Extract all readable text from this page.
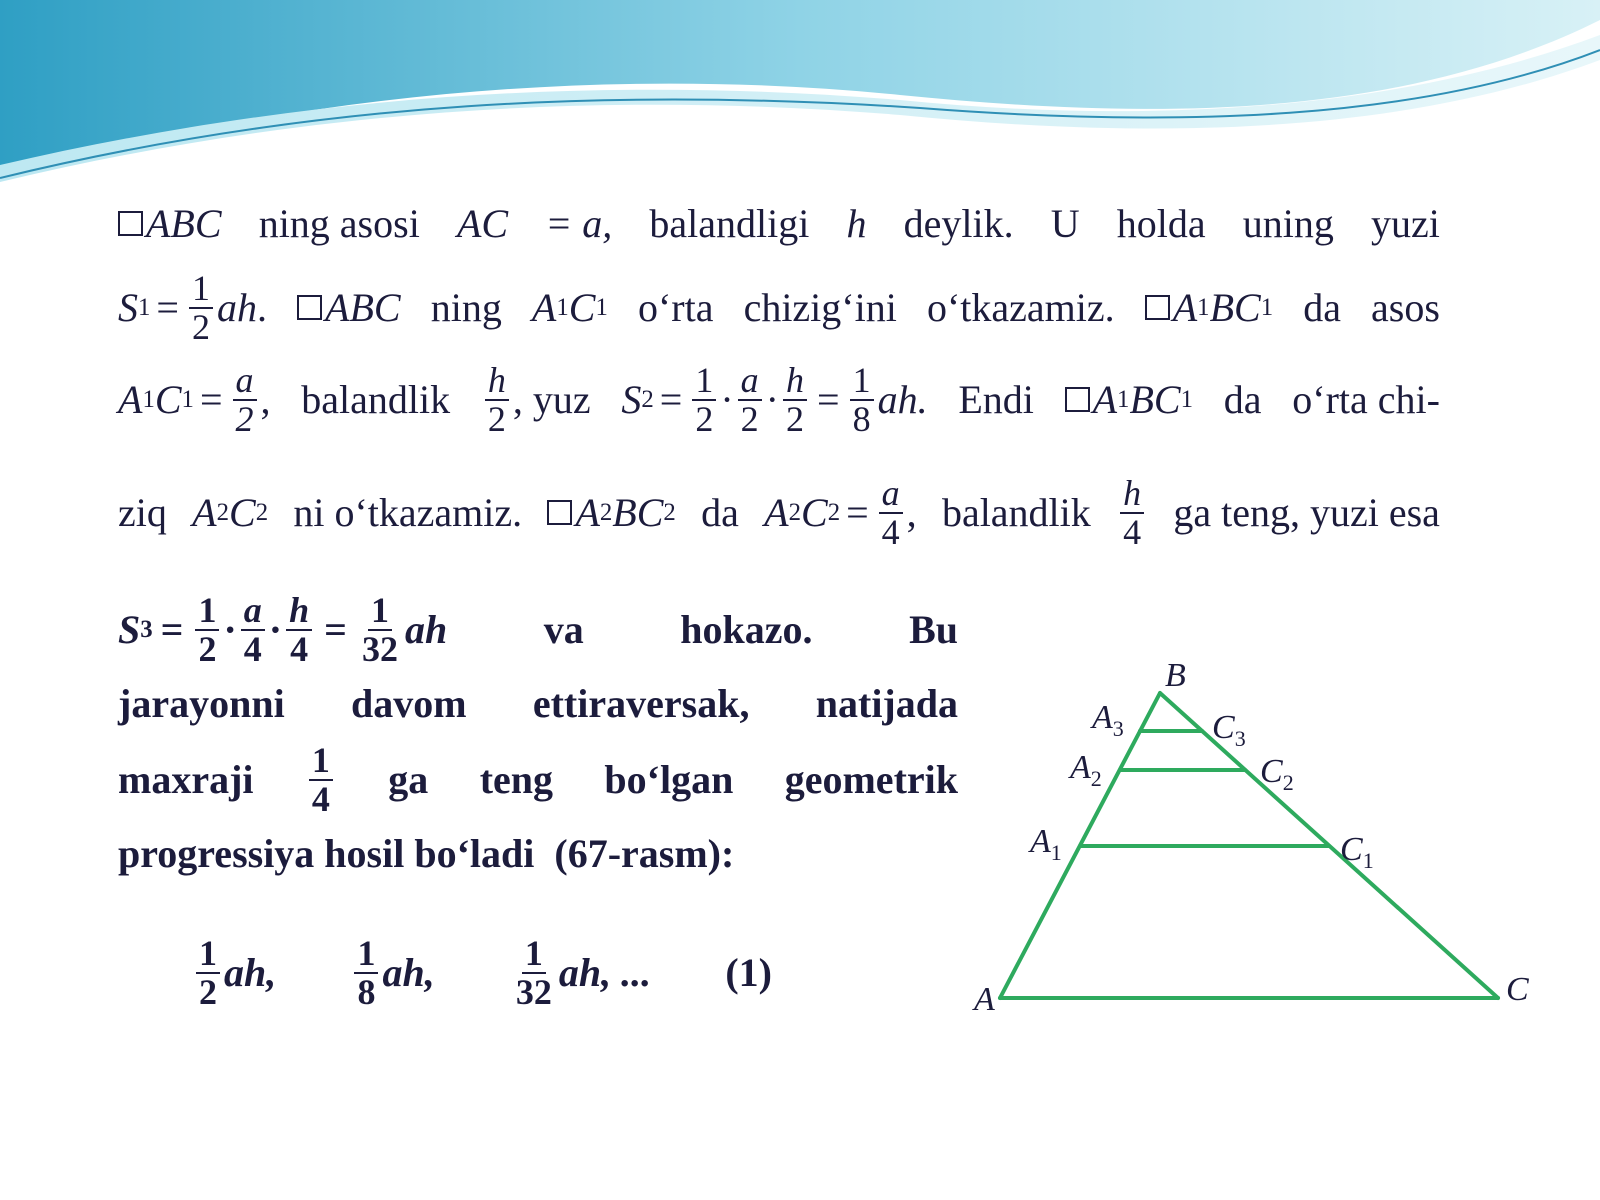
ABC ning asosi AC = a, balandligi h deylik. U holda uning yuzi
S $1 = \frac{1}{2}$ ah . ABC ning A 1 C 1 o‘rta chizig‘ini o‘tkazamiz. A 1 BC 1 da asos
A 1 C $1 = \frac{a}{2}$ , balandlik $\frac{h}{2}$ , yuz S $2 = \frac{1}{2} \cdot \frac{a}{2} \cdot \frac{h}{2} = \frac{1}{8}$ ah. Endi A 1 BC 1 da o‘rta chi-
ziq A 2 C 2 ni o‘tkazamiz. A 2 BC 2 da A 2 C $2 = \frac{a}{4}$ , balandlik $\frac{h}{4}$ ga teng, yuzi esa
S $3 = \frac{1}{2} \cdot \frac{a}{4} \cdot \frac{h}{4} = \frac{1}{32}$ ah va hokazo. Bu
jarayonni davom ettiraversak, natijada
maxraji $\frac{1}{4}$ ga teng bo‘lgan geometrik
progressiya hosil bo‘ladi  (67-rasm):
$\frac{1}{2}$ ah, $\frac{1}{8}$ ah, $\frac{1}{32}$ ah, ... (1)
B
$A_3$	$C_3$
$A_2$	$C_2$
$A_1$	$C_1$
A	C
